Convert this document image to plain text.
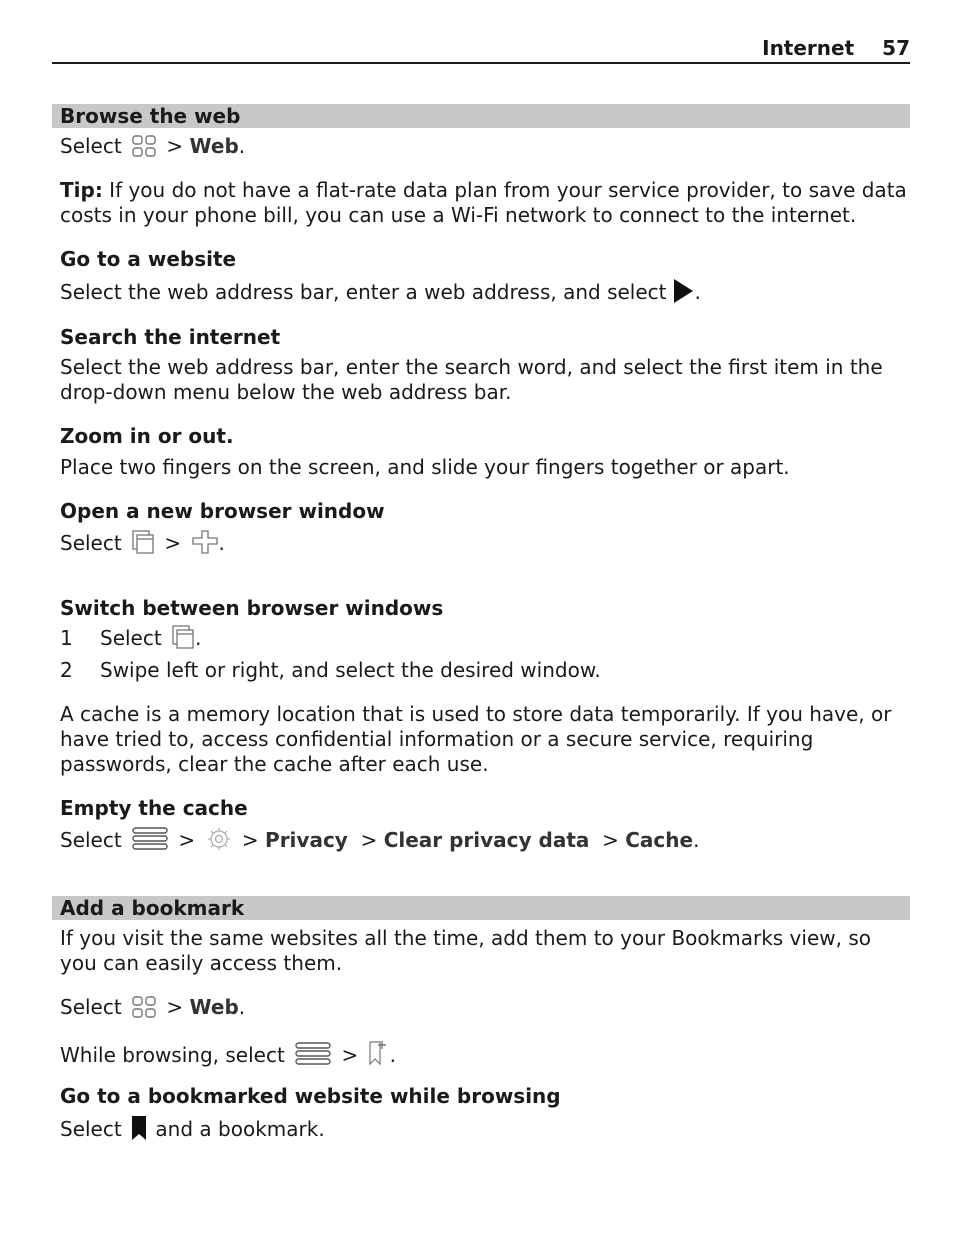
Internet 57
Browse the web
Select > Web.
Tip: If you do not have a flat-rate data plan from your service provider, to save data costs in your phone bill, you can use a Wi-Fi network to connect to the internet.
Go to a website
Select the web address bar, enter a web address, and select .
Search the internet
Select the web address bar, enter the search word, and select the first item in the drop-down menu below the web address bar.
Zoom in or out.
Place two fingers on the screen, and slide your fingers together or apart.
Open a new browser window
Select > .
Switch between browser windows
1 Select .
2 Swipe left or right, and select the desired window.
A cache is a memory location that is used to store data temporarily. If you have, or have tried to, access confidential information or a secure service, requiring passwords, clear the cache after each use.
Empty the cache
Select	> > Privacy > Clear privacy data > Cache.
Add a bookmark
If you visit the same websites all the time, add them to your Bookmarks view, so you can easily access them.
Select > Web.
While browsing, select	> .
Go to a bookmarked website while browsing
Select and a bookmark.
